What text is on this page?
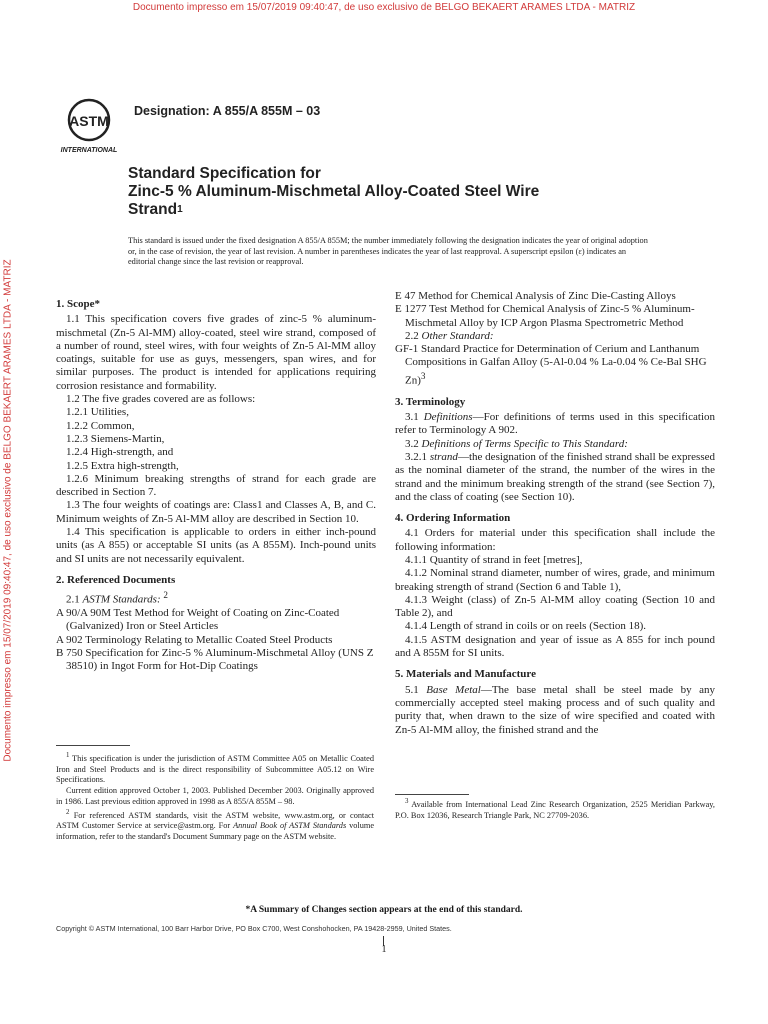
Documento impresso em 15/07/2019 09:40:47, de uso exclusivo de BELGO BEKAERT ARAMES LTDA - MATRIZ
Documento impresso em 15/07/2019 09:40:47, de uso exclusivo de BELGO BEKAERT ARAMES LTDA - MATRIZ
ASTM
INTERNATIONAL
Designation: A 855/A 855M – 03
Standard Specification for
Zinc-5 % Aluminum-Mischmetal Alloy-Coated Steel Wire
Strand$^1$
This standard is issued under the fixed designation A 855/A 855M; the number immediately following the designation indicates the year of original adoption or, in the case of revision, the year of last revision. A number in parentheses indicates the year of last reapproval. A superscript epsilon (ε) indicates an editorial change since the last revision or reapproval.
1. Scope*

1.1 This specification covers five grades of zinc-5 % aluminum-mischmetal (Zn-5 Al-MM) alloy-coated, steel wire strand, composed of a number of round, steel wires, with four weights of Zn-5 Al-MM alloy coatings, suitable for use as guys, messengers, span wires, and for similar purposes. The product is intended for applications requiring corrosion resistance and formability.

1.2 The five grades covered are as follows:

1.2.1 Utilities,

1.2.2 Common,

1.2.3 Siemens-Martin,

1.2.4 High-strength, and

1.2.5 Extra high-strength,

1.2.6 Minimum breaking strengths of strand for each grade are described in Section 7.

1.3 The four weights of coatings are: Class1 and Classes A, B, and C. Minimum weights of Zn-5 Al-MM alloy are described in Section 10.

1.4 This specification is applicable to orders in either inch-pound units (as A 855) or acceptable SI units (as A 855M). Inch-pound units and SI units are not necessarily equivalent.

2. Referenced Documents

2.1 ASTM Standards: $^2$

A 90/A 90M Test Method for Weight of Coating on Zinc-Coated (Galvanized) Iron or Steel Articles

A 902 Terminology Relating to Metallic Coated Steel Products

B 750 Specification for Zinc-5 % Aluminum-Mischmetal Alloy (UNS Z 38510) in Ingot Form for Hot-Dip Coatings

E 47 Method for Chemical Analysis of Zinc Die-Casting Alloys

E 1277 Test Method for Chemical Analysis of Zinc-5 % Aluminum-Mischmetal Alloy by ICP Argon Plasma Spectrometric Method

2.2 Other Standard:

GF-1 Standard Practice for Determination of Cerium and Lanthanum Compositions in Galfan Alloy (5-Al-0.04 % La-0.04 % Ce-Bal SHG Zn)$^3$

3. Terminology

3.1 Definitions—For definitions of terms used in this specification refer to Terminology A 902.

3.2 Definitions of Terms Specific to This Standard:

3.2.1 strand—the designation of the finished strand shall be expressed as the nominal diameter of the strand, the number of the wires in the strand and the minimum breaking strength of the strand (see Section 7), and the class of coating (see Section 10).

4. Ordering Information

4.1 Orders for material under this specification shall include the following information:

4.1.1 Quantity of strand in feet [metres],

4.1.2 Nominal strand diameter, number of wires, grade, and minimum breaking strength of strand (Section 6 and Table 1),

4.1.3 Weight (class) of Zn-5 Al-MM alloy coating (Section 10 and Table 2), and

4.1.4 Length of strand in coils or on reels (Section 18).

4.1.5 ASTM designation and year of issue as A 855 for inch pound and A 855M for SI units.

5. Materials and Manufacture

5.1 Base Metal—The base metal shall be steel made by any commercially accepted steel making process and of such quality and purity that, when drawn to the size of wire specified and coated with Zn-5 Al-MM alloy, the finished strand and the

$^1$ This specification is under the jurisdiction of ASTM Committee A05 on Metallic Coated Iron and Steel Products and is the direct responsibility of Subcommittee A05.12 on Wire Specifications.

Current edition approved October 1, 2003. Published December 2003. Originally approved in 1986. Last previous edition approved in 1998 as A 855/A 855M – 98.

$^2$ For referenced ASTM standards, visit the ASTM website, www.astm.org, or contact ASTM Customer Service at service@astm.org. For Annual Book of ASTM Standards volume information, refer to the standard's Document Summary page on the ASTM website.

$^3$ Available from International Lead Zinc Research Organization, 2525 Meridian Parkway, P.O. Box 12036, Research Triangle Park, NC 27709-2036.

*A Summary of Changes section appears at the end of this standard.
Copyright © ASTM International, 100 Barr Harbor Drive, PO Box C700, West Conshohocken, PA 19428-2959, United States.
1
